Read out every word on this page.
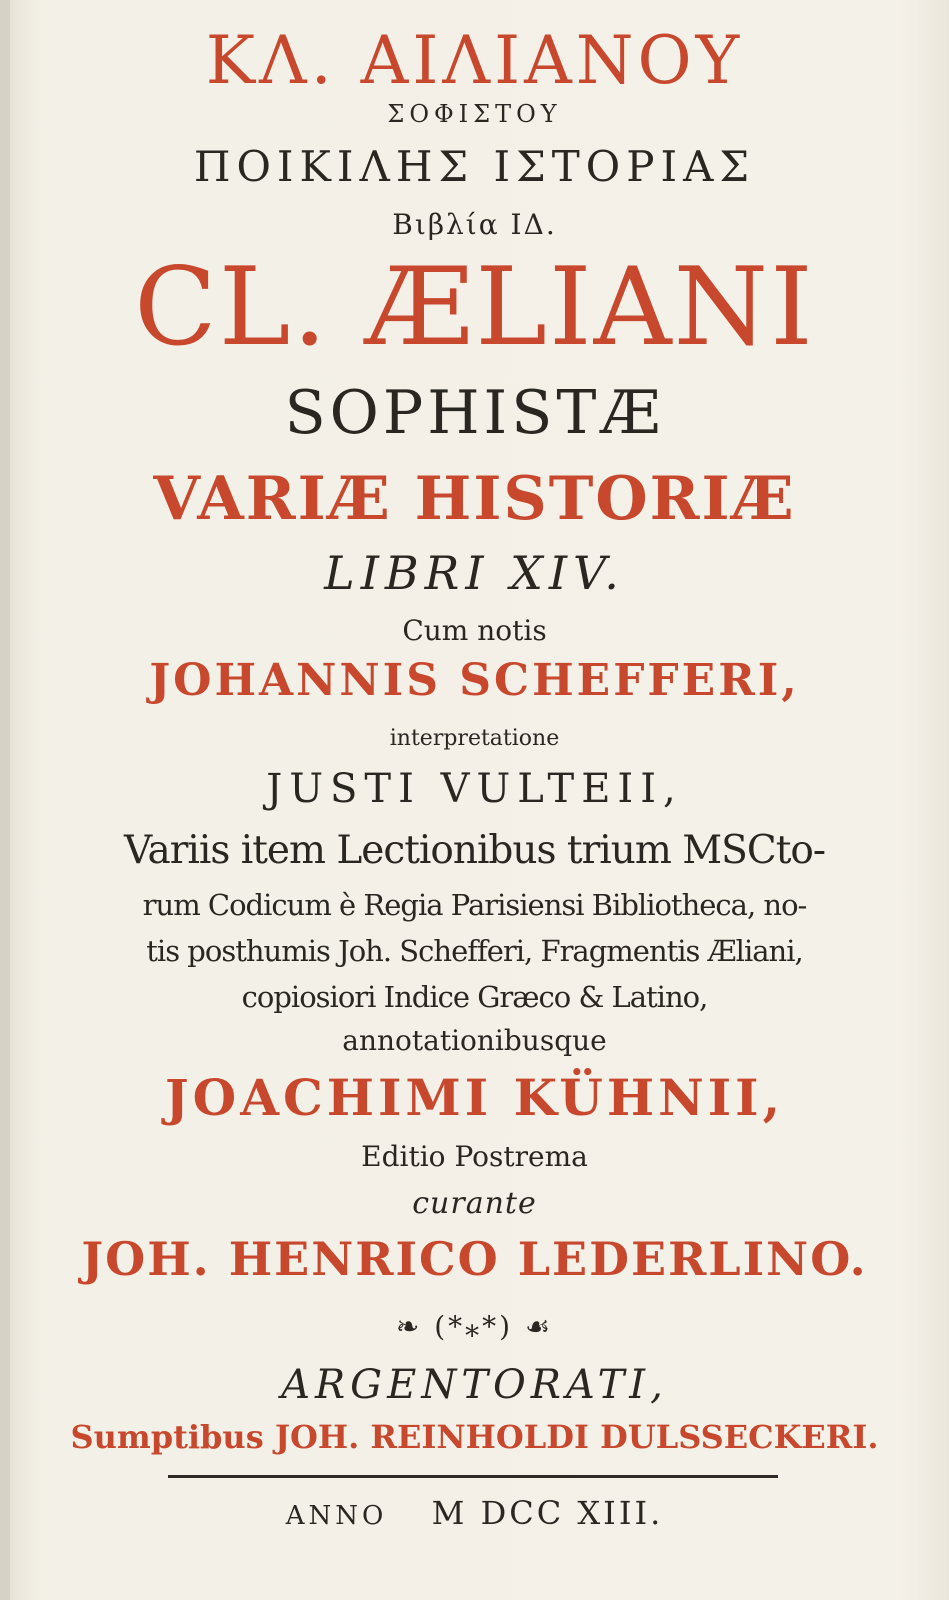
ΚΛ. ΑΙΛΙΑΝΟΥ

ΣΟΦΙΣΤΟΥ

ΠΟΙΚΙΛΗΣ ΙΣΤΟΡΙΑΣ

Βιβλία ΙΔ.

CL. ÆLIANI

SOPHISTÆ

VARIÆ HISTORIÆ

LIBRI XIV.

Cum notis

JOHANNIS SCHEFFERI,

interpretatione

JUSTI VULTEII,

Variis item Lectionibus trium MSCto-

rum Codicum è Regia Parisiensi Bibliotheca, no-

tis posthumis Joh. Schefferi, Fragmentis Æliani,

copiosiori Indice Græco & Latino,

annotationibusque

JOACHIMI KÜHNII,

Editio Postrema

curante

JOH. HENRICO LEDERLINO.

❧ (*⁎*) ☙

ARGENTORATI,

Sumptibus JOH. REINHOLDI DULSSECKERI.

ANNO M DCC XIII.
